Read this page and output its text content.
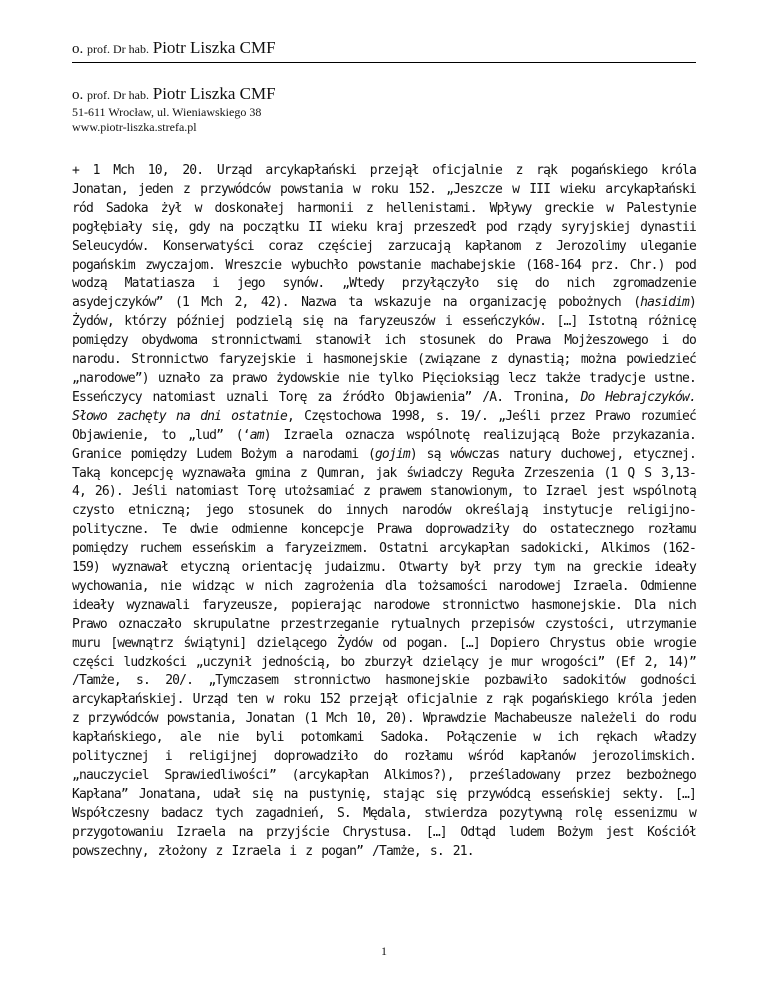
o. prof. Dr hab. Piotr Liszka CMF
o. prof. Dr hab. Piotr Liszka CMF
51-611 Wrocław, ul. Wieniawskiego 38
www.piotr-liszka.strefa.pl

+ 1 Mch 10, 20. Urząd arcykapłański przejął oficjalnie z rąk pogańskiego króla Jonatan, jeden z przywódców powstania w roku 152. „Jeszcze w III wieku arcykapłański ród Sadoka żył w doskonałej harmonii z hellenistami. Wpływy greckie w Palestynie pogłębiały się, gdy na początku II wieku kraj przeszedł pod rządy syryjskiej dynastii Seleucydów. Konserwatyści coraz częściej zarzucają kapłanom z Jerozolimy uleganie pogańskim zwyczajom. Wreszcie wybuchło powstanie machabejskie (168-164 prz. Chr.) pod wodzą Matatiasza i jego synów. „Wtedy przyłączyło się do nich zgromadzenie asydejczyków” (1 Mch 2, 42). Nazwa ta wskazuje na organizację pobożnych (hasidim) Żydów, którzy później podzielą się na faryzeuszów i esseńczyków. […] Istotną różnicę pomiędzy obydwoma stronnictwami stanowił ich stosunek do Prawa Mojżeszowego i do narodu. Stronnictwo faryzejskie i hasmonejskie (związane z dynastią; można powiedzieć „narodowe”) uznało za prawo żydowskie nie tylko Pięcioksiąg lecz także tradycje ustne. Esseńczycy natomiast uznali Torę za źródło Objawienia” /A. Tronina, Do Hebrajczyków. Słowo zachęty na dni ostatnie, Częstochowa 1998, s. 19/. „Jeśli przez Prawo rozumieć Objawienie, to „lud” (‘am) Izraela oznacza wspólnotę realizującą Boże przykazania. Granice pomiędzy Ludem Bożym a narodami (gojim) są wówczas natury duchowej, etycznej. Taką koncepcję wyznawała gmina z Qumran, jak świadczy Reguła Zrzeszenia (1 Q S 3,13-4, 26). Jeśli natomiast Torę utożsamiać z prawem stanowionym, to Izrael jest wspólnotą czysto etniczną; jego stosunek do innych narodów określają instytucje religijno-polityczne. Te dwie odmienne koncepcje Prawa doprowadziły do ostatecznego rozłamu pomiędzy ruchem esseńskim a faryzeizmem. Ostatni arcykapłan sadokicki, Alkimos (162-159) wyznawał etyczną orientację judaizmu. Otwarty był przy tym na greckie ideały wychowania, nie widząc w nich zagrożenia dla tożsamości narodowej Izraela. Odmienne ideały wyznawali faryzeusze, popierając narodowe stronnictwo hasmonejskie. Dla nich Prawo oznaczało skrupulatne przestrzeganie rytualnych przepisów czystości, utrzymanie muru [wewnątrz świątyni] dzielącego Żydów od pogan. […] Dopiero Chrystus obie wrogie części ludzkości „uczynił jednością, bo zburzył dzielący je mur wrogości” (Ef 2, 14)” /Tamże, s. 20/. „Tymczasem stronnictwo hasmonejskie pozbawiło sadokitów godności arcykapłańskiej. Urząd ten w roku 152 przejął oficjalnie z rąk pogańskiego króla jeden z przywódców powstania, Jonatan (1 Mch 10, 20). Wprawdzie Machabeusze należeli do rodu kapłańskiego, ale nie byli potomkami Sadoka. Połączenie w ich rękach władzy politycznej i religijnej doprowadziło do rozłamu wśród kapłanów jerozolimskich. „nauczyciel Sprawiedliwości” (arcykapłan Alkimos?), prześladowany przez bezbożnego Kapłana” Jonatana, udał się na pustynię, stając się przywódcą esseńskiej sekty. […] Współczesny badacz tych zagadnień, S. Mędala, stwierdza pozytywną rolę essenizmu w przygotowaniu Izraela na przyjście Chrystusa. […] Odtąd ludem Bożym jest Kościół powszechny, złożony z Izraela i z pogan” /Tamże, s. 21.

1
